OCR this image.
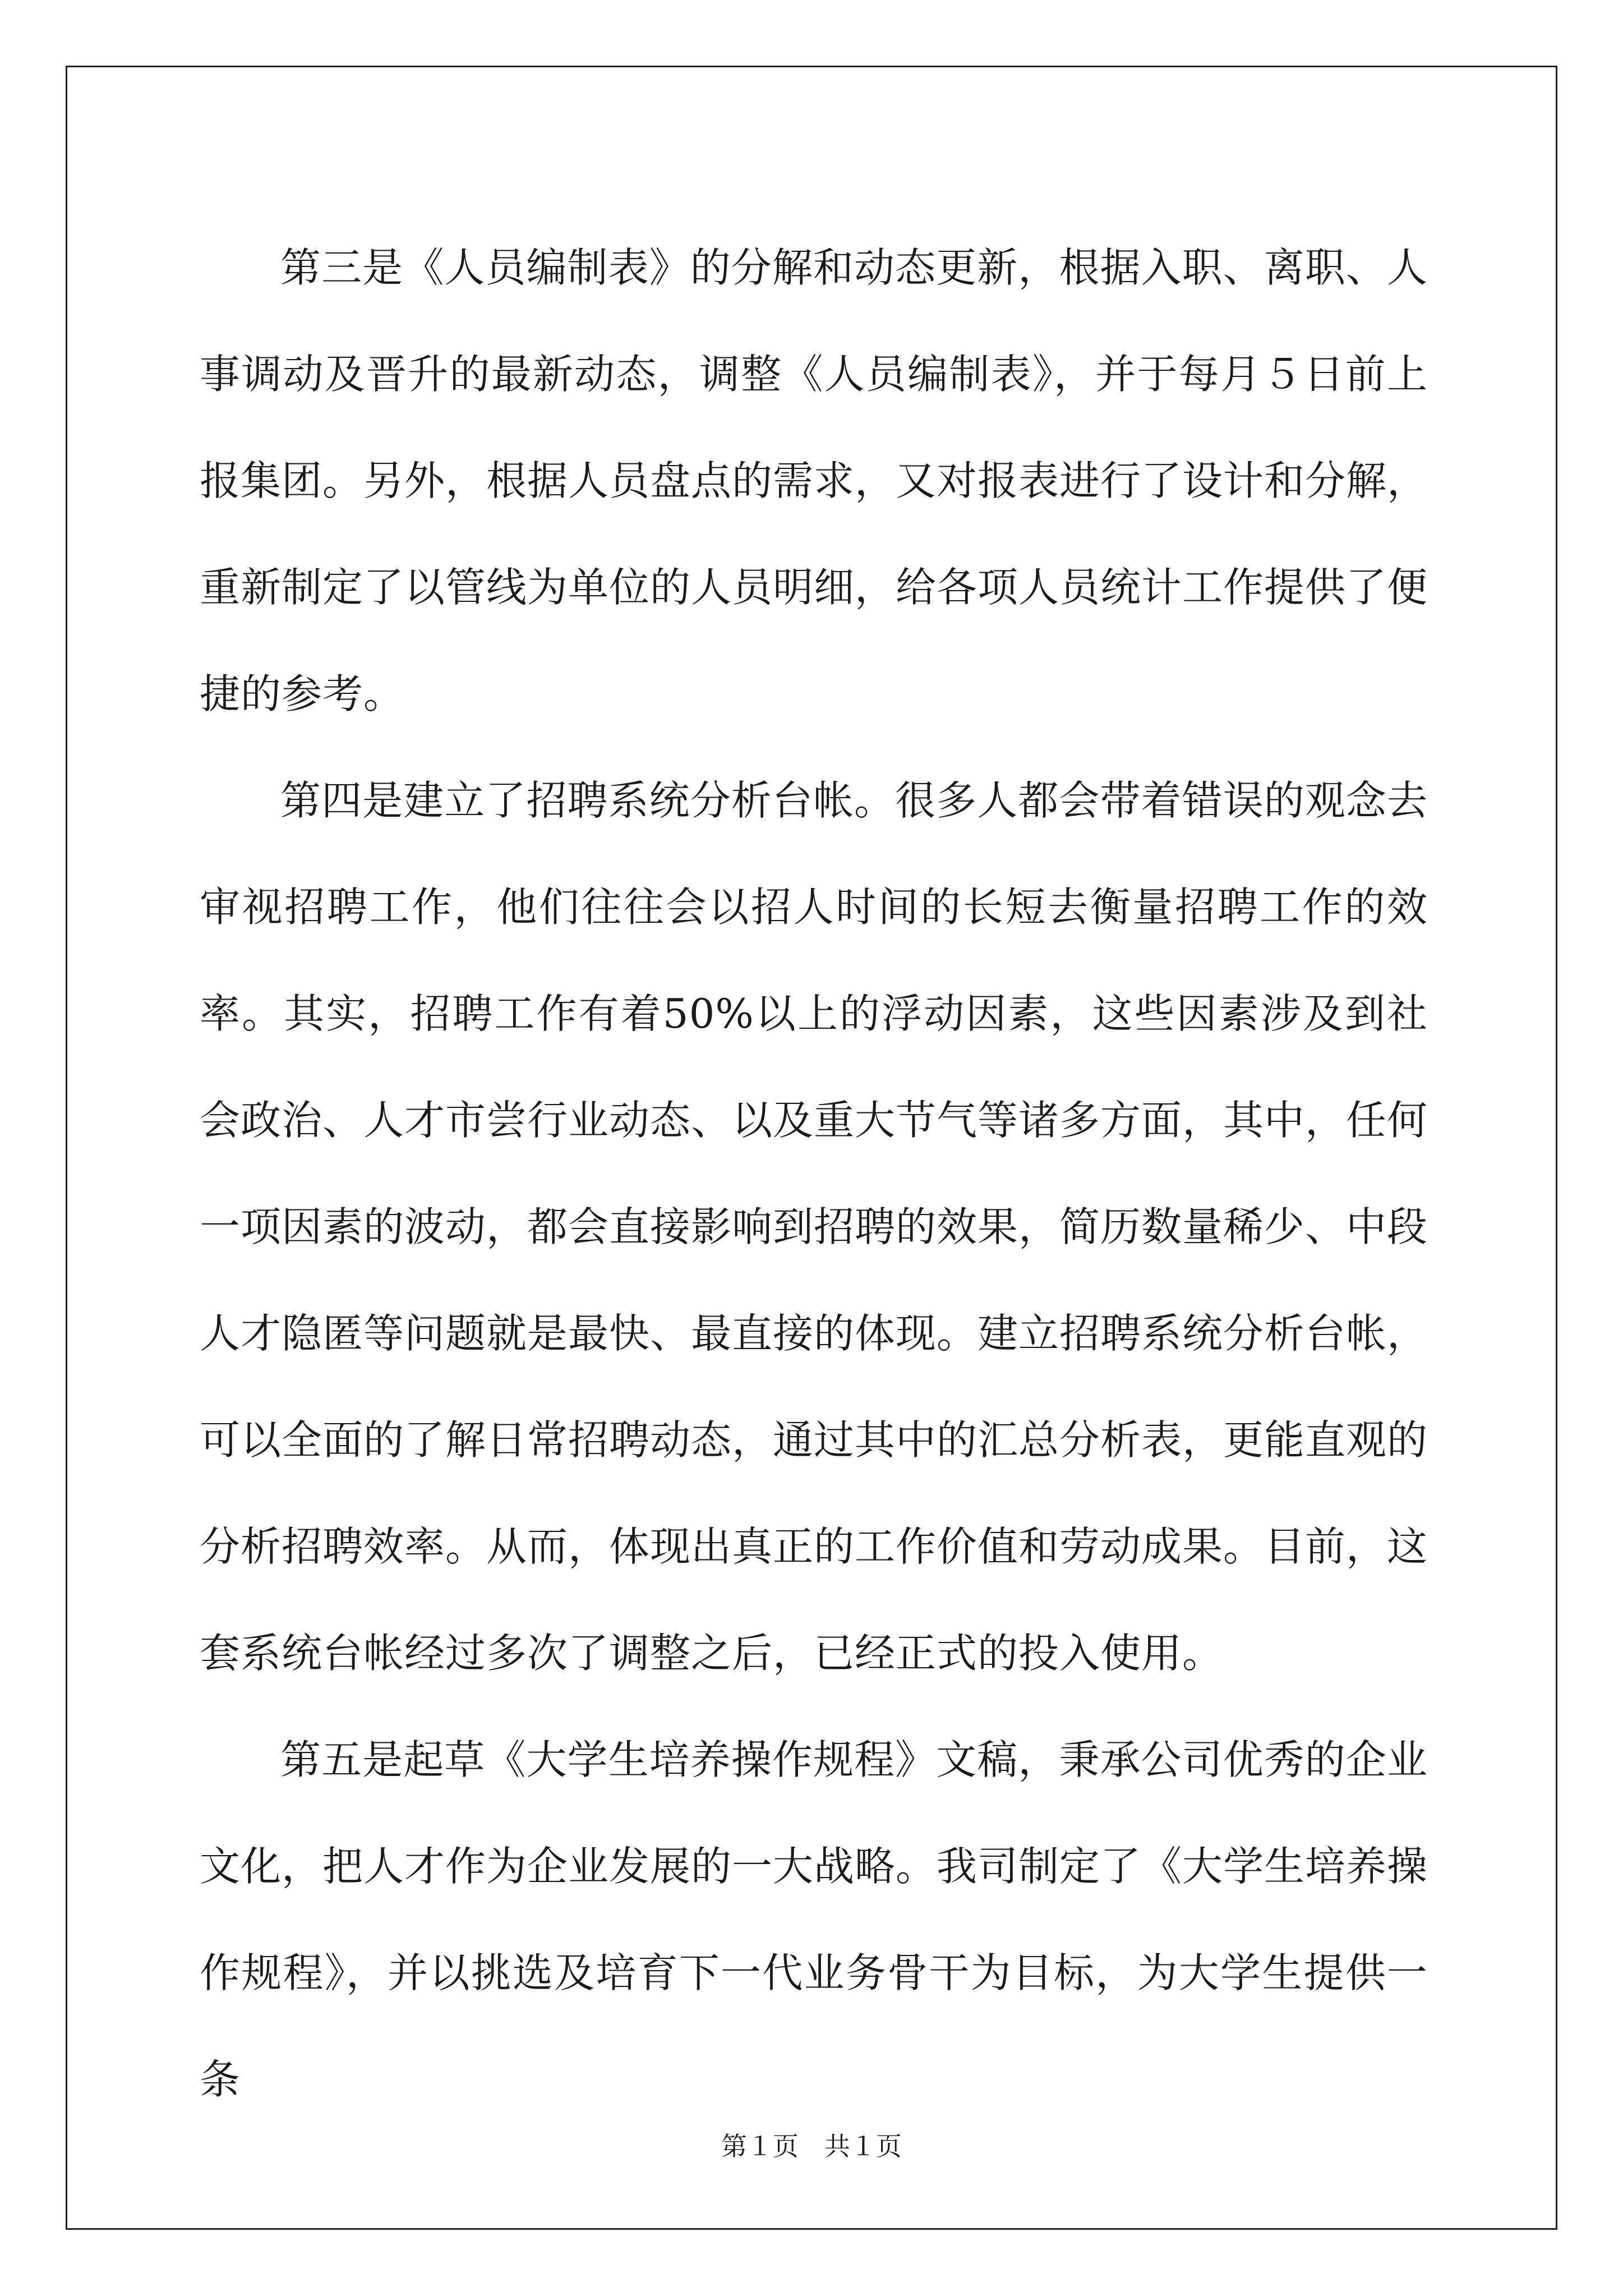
第三是《人员编制表》的分解和动态更新，根据入职、离职、人事调动及晋升的最新动态，调整《人员编制表》，并于每月５日前上报集团。另外，根据人员盘点的需求，又对报表进行了设计和分解，重新制定了以管线为单位的人员明细，给各项人员统计工作提供了便捷的参考。

第四是建立了招聘系统分析台帐。很多人都会带着错误的观念去审视招聘工作，他们往往会以招人时间的长短去衡量招聘工作的效率。其实，招聘工作有着50%以上的浮动因素，这些因素涉及到社会政治、人才市尝行业动态、以及重大节气等诸多方面，其中，任何一项因素的波动，都会直接影响到招聘的效果，简历数量稀少、中段人才隐匿等问题就是最快、最直接的体现。建立招聘系统分析台帐，可以全面的了解日常招聘动态，通过其中的汇总分析表，更能直观的分析招聘效率。从而，体现出真正的工作价值和劳动成果。目前，这套系统台帐经过多次了调整之后，已经正式的投入使用。

第五是起草《大学生培养操作规程》文稿，秉承公司优秀的企业文化，把人才作为企业发展的一大战略。我司制定了《大学生培养操作规程》，并以挑选及培育下一代业务骨干为目标，为大学生提供一条

第１页 共１页
